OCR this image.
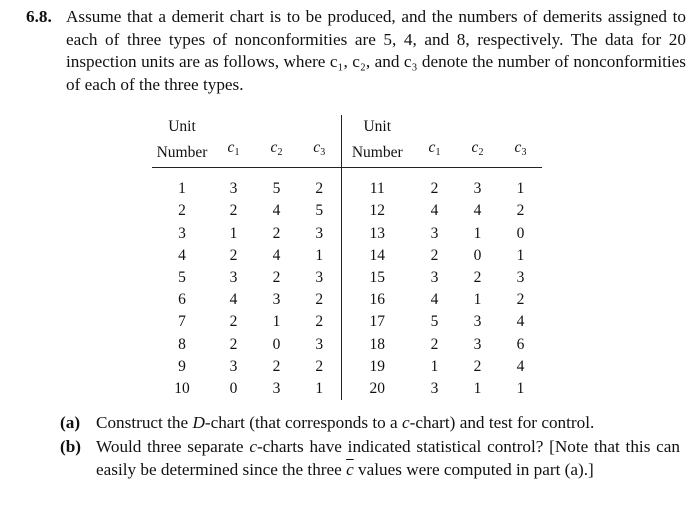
6.8. Assume that a demerit chart is to be produced, and the numbers of demerits assigned to each of three types of nonconformities are 5, 4, and 8, respectively. The data for 20 inspection units are as follows, where c₁, c₂, and c₃ denote the number of nonconformities of each of the three types.
Unit				Unit			
Number	$c_1$	$c_2$	$c_3$	Number	$c_1$	$c_2$	$c_3$
1	3	5	2	11	2	3	1
2	2	4	5	12	4	4	2
3	1	2	3	13	3	1	0
4	2	4	1	14	2	0	1
5	3	2	3	15	3	2	3
6	4	3	2	16	4	1	2
7	2	1	2	17	5	3	4
8	2	0	3	18	2	3	6
9	3	2	2	19	1	2	4
10	0	3	1	20	3	1	1
(a) Construct the D-chart (that corresponds to a c-chart) and test for control.
(b) Would three separate c-charts have indicated statistical control? [Note that this can easily be determined since the three $\overline{c}$ values were computed in part (a).]
